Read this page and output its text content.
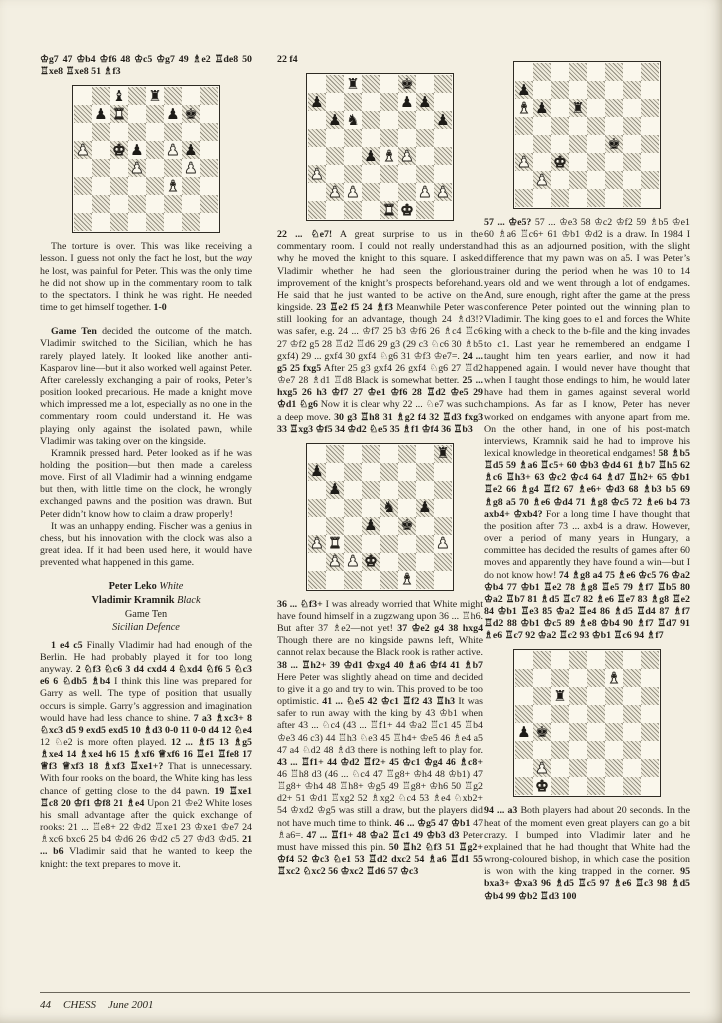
♔g7 47 ♔b4 ♔f6 48 ♔c5 ♔g7 49 ♗e2 ♖de8 50 ♖xe8 ♖xe8 51 ♗f3

♝ ♜
♟ ♜	♟ ♚
♟ ♚ ♟ ♟ ♟
♟	♟
♝

The torture is over. This was like receiving a lesson. I guess not only the fact he lost, but the way he lost, was painful for Peter. This was the only time he did not show up in the commentary room to talk to the spectators. I think he was right. He needed time to get himself together. 1-0

Game Ten decided the outcome of the match. Vladimir switched to the Sicilian, which he has rarely played lately. It looked like another anti-Kasparov line—but it also worked well against Peter. After carelessly exchanging a pair of rooks, Peter’s position looked precarious. He made a knight move which impressed me a lot, especially as no one in the commentary room could understand it. He was playing only against the isolated pawn, while Vladimir was taking over on the kingside.

Kramnik pressed hard. Peter looked as if he was holding the position—but then made a careless move. First of all Vladimir had a winning endgame but then, with little time on the clock, he wrongly exchanged pawns and the position was drawn. But Peter didn’t know how to claim a draw properly!

It was an unhappy ending. Fischer was a genius in chess, but his innovation with the clock was also a great idea. If it had been used here, it would have prevented what happened in this game.

Peter Leko White
Vladimir Kramnik Black
Game Ten
Sicilian Defence

1 e4 c5 Finally Vladimir had had enough of the Berlin. He had probably played it for too long anyway. 2 ♘f3 ♘c6 3 d4 cxd4 4 ♘xd4 ♘f6 5 ♘c3 e6 6 ♘db5 ♗b4 I think this line was prepared for Garry as well. The type of position that usually occurs is simple. Garry’s aggression and imagination would have had less chance to shine. 7 a3 ♗xc3+ 8 ♘xc3 d5 9 exd5 exd5 10 ♗d3 0-0 11 0-0 d4 12 ♘e4 12 ♘e2 is more often played. 12 ... ♗f5 13 ♗g5 ♗xe4 14 ♗xe4 h6 15 ♗xf6 ♕xf6 16 ♖e1 ♖fe8 17 ♕f3 ♕xf3 18 ♗xf3 ♖xe1+? That is unnecessary. With four rooks on the board, the White king has less chance of getting close to the d4 pawn. 19 ♖xe1 ♖c8 20 ♔f1 ♔f8 21 ♗e4 Upon 21 ♔e2 White loses his small advantage after the quick exchange of rooks: 21 ... ♖e8+ 22 ♔d2 ♖xe1 23 ♔xe1 ♔e7 24 ♗xc6 bxc6 25 b4 ♔d6 26 ♔d2 c5 27 ♔d3 ♔d5. 21 ... b6 Vladimir said that he wanted to keep the knight: the text prepares to move it.

22 f4

♜	♚
♟	♟ ♟
♟ ♞	♟
♟ ♝ ♟
♟
♟ ♟	♟ ♟
♜ ♚

22 ... ♘e7! A great surprise to us in the commentary room. I could not really understand why he moved the knight to this square. I asked Vladimir whether he had seen the glorious improvement of the knight’s prospects beforehand. He said that he just wanted to be active on the kingside. 23 ♖e2 f5 24 ♗f3 Meanwhile Peter was still looking for an advantage, though 24 ♗d3!? was safer, e.g. 24 ... ♔f7 25 b3 ♔f6 26 ♗c4 ♖c6 27 ♔f2 g5 28 ♖d2 ♖d6 29 g3 (29 c3 ♘c6 30 ♗b5 gxf4) 29 ... gxf4 30 gxf4 ♘g6 31 ♔f3 ♔e7=. 24 ... g5 25 fxg5 After 25 g3 gxf4 26 gxf4 ♘g6 27 ♖d2 ♔e7 28 ♗d1 ♖d8 Black is somewhat better. 25 ... hxg5 26 h3 ♔f7 27 ♔e1 ♔f6 28 ♖d2 ♔e5 29 ♔d1 ♘g6 Now it is clear why 22 ... ♘e7 was such a deep move. 30 g3 ♖h8 31 ♗g2 f4 32 ♖d3 fxg3 33 ♖xg3 ♔f5 34 ♔d2 ♘e5 35 ♗f1 ♔f4 36 ♖b3

♜
♟
♟
♞ ♟
♟ ♚
♟ ♜	♟
♟ ♟ ♚
♝

36 ... ♘f3+ I was already worried that White might have found himself in a zugzwang upon 36 ... ♖h6. But after 37 ♗e2—not yet! 37 ♔e2 g4 38 hxg4 Though there are no kingside pawns left, White cannot relax because the Black rook is rather active. 38 ... ♖h2+ 39 ♔d1 ♔xg4 40 ♗a6 ♔f4 41 ♗b7 Here Peter was slightly ahead on time and decided to give it a go and try to win. This proved to be too optimistic. 41 ... ♘e5 42 ♔c1 ♖f2 43 ♖h3 It was safer to run away with the king by 43 ♔b1 when after 43 ... ♘c4 (43 ... ♖f1+ 44 ♔a2 ♖c1 45 ♖b4 ♔e3 46 c3) 44 ♖h3 ♘e3 45 ♖h4+ ♔e5 46 ♗e4 a5 47 a4 ♘d2 48 ♗d3 there is nothing left to play for. 43 ... ♖f1+ 44 ♔d2 ♖f2+ 45 ♔c1 ♔g4 46 ♗c8+ 46 ♖h8 d3 (46 ... ♘c4 47 ♖g8+ ♔h4 48 ♔b1) 47 ♖g8+ ♔h4 48 ♖h8+ ♔g5 49 ♖g8+ ♔h6 50 ♖g2 d2+ 51 ♔d1 ♖xg2 52 ♗xg2 ♘c4 53 ♗e4 ♘xb2+ 54 ♔xd2 ♔g5 was still a draw, but the players did not have much time to think. 46 ... ♔g5 47 ♔b1 47 ♗a6=. 47 ... ♖f1+ 48 ♔a2 ♖c1 49 ♔b3 d3 Peter must have missed this pin. 50 ♖h2 ♘f3 51 ♖g2+ ♔f4 52 ♔c3 ♘e1 53 ♖d2 dxc2 54 ♗a6 ♖d1 55 ♖xc2 ♘xc2 56 ♔xc2 ♖d6 57 ♔c3

♟
♝ ♟ ♜
♚
♟ ♚
♟

57 ... ♔e5? 57 ... ♔e3 58 ♔c2 ♔f2 59 ♗b5 ♔e1 60 ♗a6 ♖c6+ 61 ♔b1 ♔d2 is a draw. In 1984 I had this as an adjourned position, with the slight difference that my pawn was on a5. I was Peter’s trainer during the period when he was 10 to 14 years old and we went through a lot of endgames. And, sure enough, right after the game at the press conference Peter pointed out the winning plan to Vladimir. The king goes to e1 and forces the White king with a check to the b-file and the king invades to c1. Last year he remembered an endgame I taught him ten years earlier, and now it had happened again. I would never have thought that when I taught those endings to him, he would later have had them in games against several world champions. As far as I know, Peter has never worked on endgames with anyone apart from me. On the other hand, in one of his post-match interviews, Kramnik said he had to improve his lexical knowledge in theoretical endgames! 58 ♗b5 ♖d5 59 ♗a6 ♖c5+ 60 ♔b3 ♔d4 61 ♗b7 ♖h5 62 ♗c6 ♖h3+ 63 ♔c2 ♔c4 64 ♗d7 ♖h2+ 65 ♔b1 ♖e2 66 ♗g4 ♖f2 67 ♗e6+ ♔d3 68 ♗b3 b5 69 ♗g8 a5 70 ♗e6 ♔d4 71 ♗g8 ♔c5 72 ♗e6 b4 73 axb4+ ♔xb4? For a long time I have thought that the position after 73 ... axb4 is a draw. However, over a period of many years in Hungary, a committee has decided the results of games after 60 moves and apparently they have found a win—but I do not know how! 74 ♗g8 a4 75 ♗e6 ♔c5 76 ♔a2 ♔b4 77 ♔b1 ♖e2 78 ♗g8 ♖e5 79 ♗f7 ♖b5 80 ♔a2 ♖b7 81 ♗d5 ♖c7 82 ♗e6 ♖e7 83 ♗g8 ♖e2 84 ♔b1 ♖e3 85 ♔a2 ♖e4 86 ♗d5 ♖d4 87 ♗f7 ♖d2 88 ♔b1 ♔c5 89 ♗e8 ♔b4 90 ♗f7 ♖d7 91 ♗e6 ♖c7 92 ♔a2 ♖c2 93 ♔b1 ♖c6 94 ♗f7

♝
♜
♟ ♚
♟
♚

94 ... a3 Both players had about 20 seconds. In the heat of the moment even great players can go a bit crazy. I bumped into Vladimir later and he explained that he had thought that White had the wrong-coloured bishop, in which case the position is won with the king trapped in the corner. 95 bxa3+ ♔xa3 96 ♗d5 ♖c5 97 ♗e6 ♖c3 98 ♗d5 ♔b4 99 ♔b2 ♖d3 100

44 CHESS June 2001
